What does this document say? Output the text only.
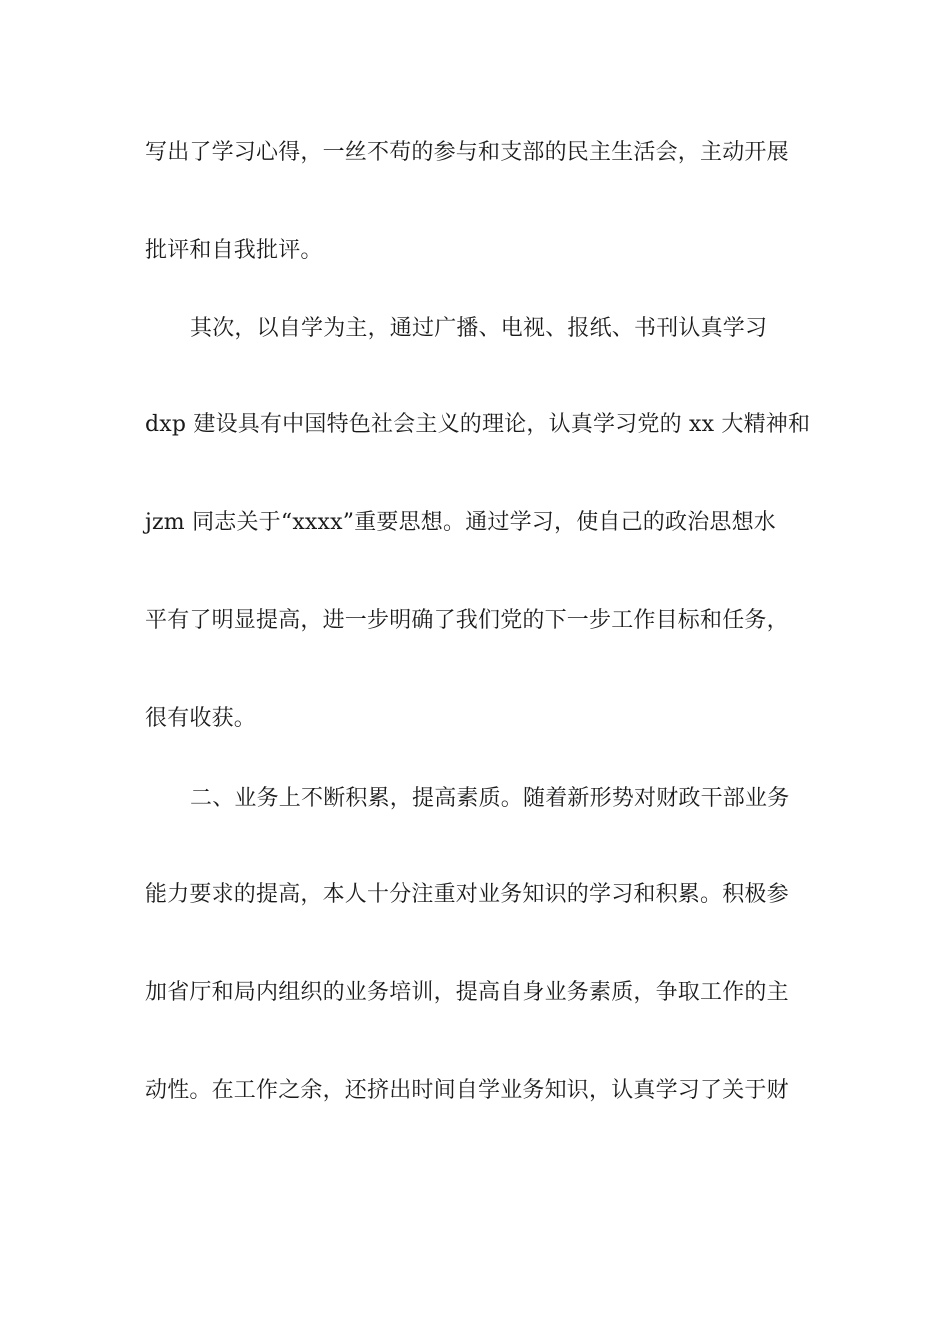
写出了学习心得，一丝不苟的参与和支部的民主生活会，主动开展
批评和自我批评。
其次，以自学为主，通过广播、电视、报纸、书刊认真学习
dxp 建设具有中国特色社会主义的理论，认真学习党的 xx 大精神和
jzm 同志关于“xxxx”重要思想。通过学习，使自己的政治思想水
平有了明显提高，进一步明确了我们党的下一步工作目标和任务，
很有收获。
二、业务上不断积累，提高素质。随着新形势对财政干部业务
能力要求的提高，本人十分注重对业务知识的学习和积累。积极参
加省厅和局内组织的业务培训，提高自身业务素质，争取工作的主
动性。在工作之余，还挤出时间自学业务知识，认真学习了关于财
